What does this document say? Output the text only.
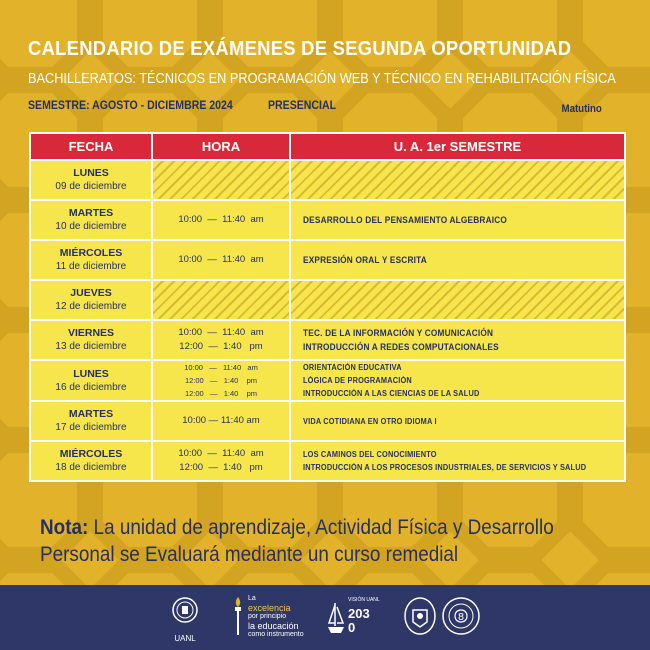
CALENDARIO DE EXÁMENES DE SEGUNDA OPORTUNIDAD
BACHILLERATOS: TÉCNICOS EN PROGRAMACIÓN WEB Y TÉCNICO EN REHABILITACIÓN FÍSICA
SEMESTRE: AGOSTO - DICIEMBRE 2024	PRESENCIAL	Matutino
FECHA	HORA	U. A. 1er SEMESTRE

LUNES
09 de diciembre		

MARTES
10 de diciembre	10:00  —  11:40  am	DESARROLLO DEL PENSAMIENTO ALGEBRAICO

MIÉRCOLES
11 de diciembre	10:00  —  11:40  am	EXPRESIÓN ORAL Y ESCRITA

JUEVES
12 de diciembre		

VIERNES
13 de diciembre	10:00  —  11:40  am
12:00  —  1:40   pm	TEC. DE LA INFORMACIÓN Y COMUNICACIÓN
INTRODUCCIÓN A REDES COMPUTACIONALES

LUNES
16 de diciembre	10:00   —   11:40   am
12:00   —   1:40    pm
12:00   —   1:40    pm	ORIENTACIÓN EDUCATIVA
LÓGICA DE PROGRAMACIÓN
INTRODUCCIÓN A LAS CIENCIAS DE LA SALUD

MARTES
17 de diciembre	10:00 — 11:40 am	VIDA COTIDIANA EN OTRO IDIOMA I

MIÉRCOLES
18 de diciembre	10:00  —  11:40  am
12:00  —  1:40   pm	LOS CAMINOS DEL CONOCIMIENTO
INTRODUCCIÓN A LOS PROCESOS INDUSTRIALES, DE SERVICIOS Y SALUD
Nota: La unidad de aprendizaje, Actividad Física y Desarrollo Personal se Evaluará mediante un curso remedial
UANL
La
excelencia
por principio
la educación
como instrumento
VISIÓN UANL
2030
8
